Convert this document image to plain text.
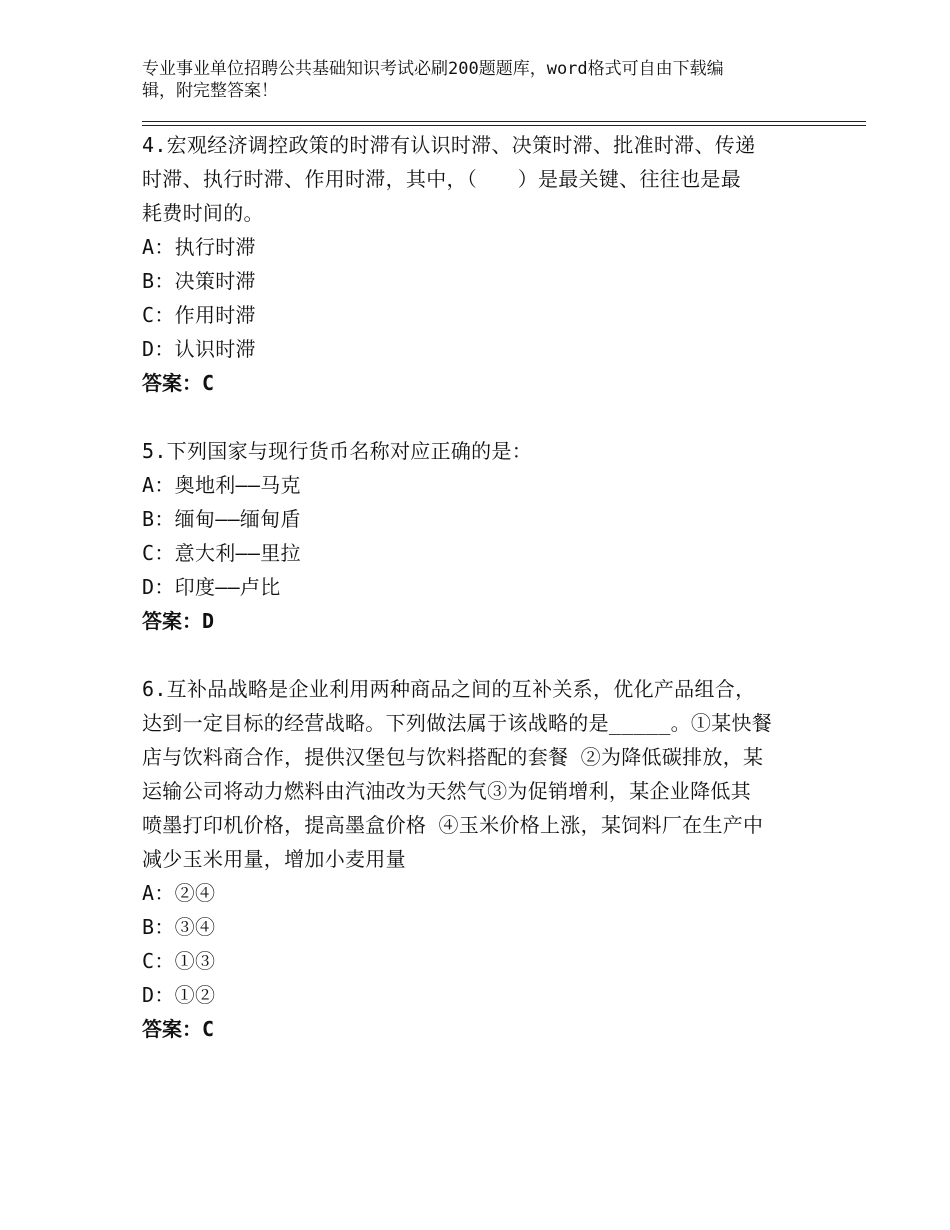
专业事业单位招聘公共基础知识考试必刷200题题库，word格式可自由下载编
辑，附完整答案！
4.宏观经济调控政策的时滞有认识时滞、决策时滞、批准时滞、传递
时滞、执行时滞、作用时滞，其中，（　　）是最关键、往往也是最
耗费时间的。
A：执行时滞
B：决策时滞
C：作用时滞
D：认识时滞
答案：C
5.下列国家与现行货币名称对应正确的是：
A：奥地利——马克
B：缅甸——缅甸盾
C：意大利——里拉
D：印度——卢比
答案：D
6.互补品战略是企业利用两种商品之间的互补关系，优化产品组合，
达到一定目标的经营战略。下列做法属于该战略的是_____。①某快餐
店与饮料商合作，提供汉堡包与饮料搭配的套餐 ②为降低碳排放，某
运输公司将动力燃料由汽油改为天然气③为促销增利，某企业降低其
喷墨打印机价格，提高墨盒价格 ④玉米价格上涨，某饲料厂在生产中
减少玉米用量，增加小麦用量
A：②④
B：③④
C：①③
D：①②
答案：C
